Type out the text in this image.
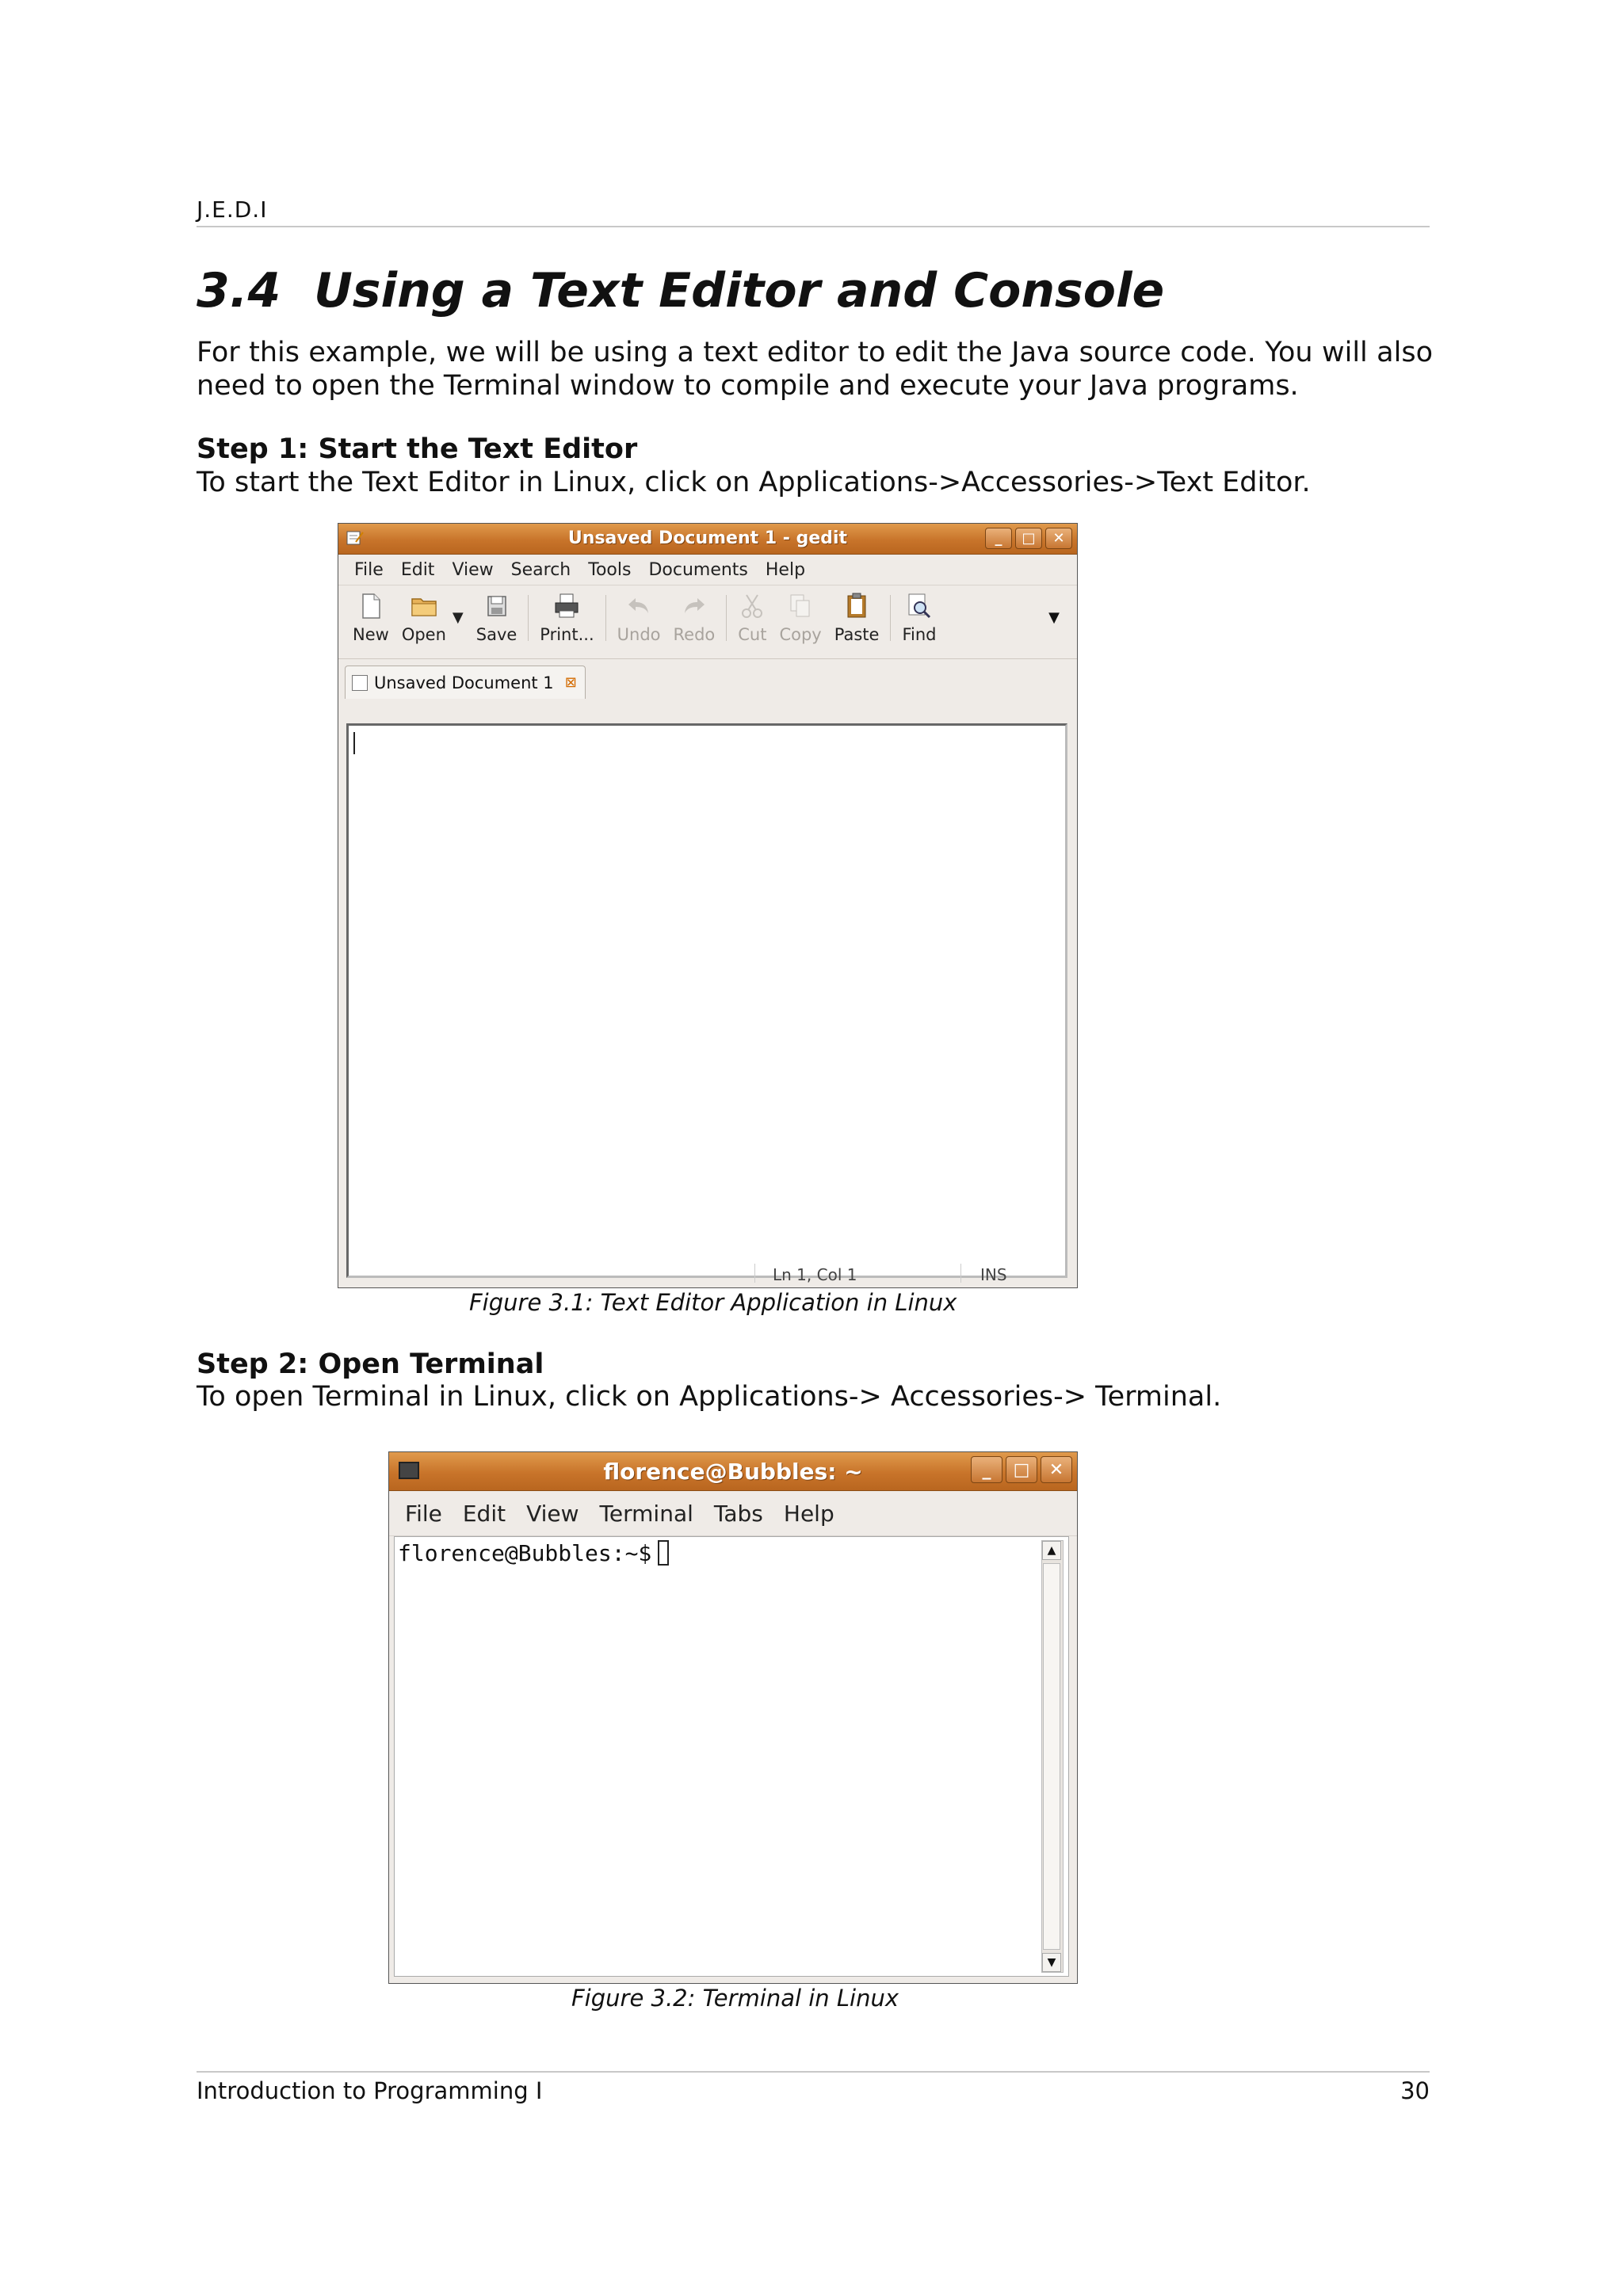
J.E.D.I
3.4  Using a Text Editor and Console
For this example, we will be using a text editor to edit the Java source code. You will also need to open the Terminal window to compile and execute your Java programs.
Step 1: Start the Text Editor
To start the Text Editor in Linux, click on Applications->Accessories->Text Editor.
Unsaved Document 1 - gedit	_	□	✕
File Edit View Search Tools Documents Help
New Open
▼
Save Print... Undo Redo Cut Copy Paste Find
▼
Unsaved Document 1 ⊠
Ln 1, Col 1	INS
Figure 3.1: Text Editor Application in Linux
Step 2: Open Terminal
To open Terminal in Linux, click on Applications-> Accessories-> Terminal.
florence@Bubbles: ~	_	□	✕
File Edit View Terminal Tabs Help
florence@Bubbles:~$	▲
▼
Figure 3.2: Terminal in Linux
Introduction to Programming I	30
